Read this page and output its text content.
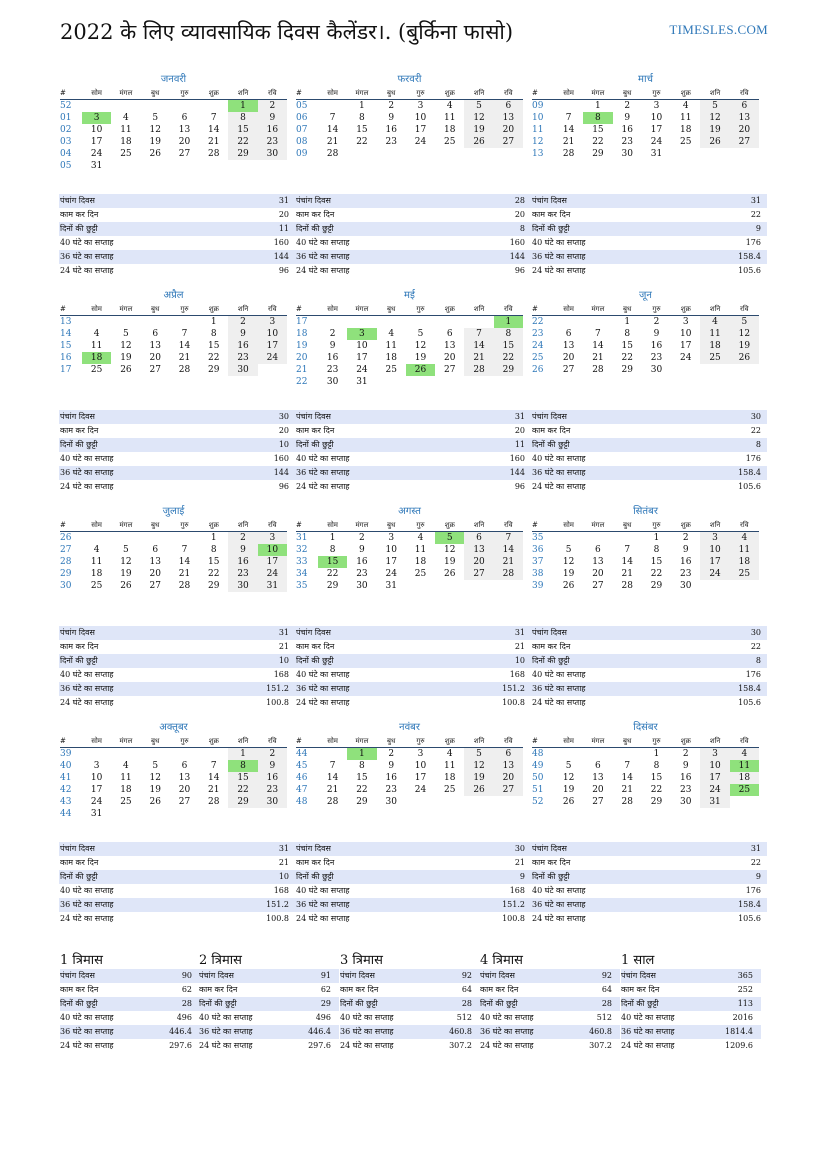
2022 के लिए व्यावसायिक दिवस कैलेंडर।. (बुर्किना फासो)	TIMESLES.COM
जनवरी
#	सोम	मंगल	बुध	गुरु	शुक्र	शनि	रवि
52						1	2
01	3	4	5	6	7	8	9
02	10	11	12	13	14	15	16
03	17	18	19	20	21	22	23
04	24	25	26	27	28	29	30
05	31						
पंचांग दिवस	31
काम कर दिन	20
दिनों की छुट्टी	11
40 घंटे का सप्ताह	160
36 घंटे का सप्ताह	144
24 घंटे का सप्ताह	96
फरवरी
#	सोम	मंगल	बुध	गुरु	शुक्र	शनि	रवि
05		1	2	3	4	5	6
06	7	8	9	10	11	12	13
07	14	15	16	17	18	19	20
08	21	22	23	24	25	26	27
09	28						
पंचांग दिवस	28
काम कर दिन	20
दिनों की छुट्टी	8
40 घंटे का सप्ताह	160
36 घंटे का सप्ताह	144
24 घंटे का सप्ताह	96
मार्च
#	सोम	मंगल	बुध	गुरु	शुक्र	शनि	रवि
09		1	2	3	4	5	6
10	7	8	9	10	11	12	13
11	14	15	16	17	18	19	20
12	21	22	23	24	25	26	27
13	28	29	30	31			
पंचांग दिवस	31
काम कर दिन	22
दिनों की छुट्टी	9
40 घंटे का सप्ताह	176
36 घंटे का सप्ताह	158.4
24 घंटे का सप्ताह	105.6
अप्रैल
#	सोम	मंगल	बुध	गुरु	शुक्र	शनि	रवि
13					1	2	3
14	4	5	6	7	8	9	10
15	11	12	13	14	15	16	17
16	18	19	20	21	22	23	24
17	25	26	27	28	29	30	
पंचांग दिवस	30
काम कर दिन	20
दिनों की छुट्टी	10
40 घंटे का सप्ताह	160
36 घंटे का सप्ताह	144
24 घंटे का सप्ताह	96
मई
#	सोम	मंगल	बुध	गुरु	शुक्र	शनि	रवि
17							1
18	2	3	4	5	6	7	8
19	9	10	11	12	13	14	15
20	16	17	18	19	20	21	22
21	23	24	25	26	27	28	29
22	30	31					
पंचांग दिवस	31
काम कर दिन	20
दिनों की छुट्टी	11
40 घंटे का सप्ताह	160
36 घंटे का सप्ताह	144
24 घंटे का सप्ताह	96
जून
#	सोम	मंगल	बुध	गुरु	शुक्र	शनि	रवि
22			1	2	3	4	5
23	6	7	8	9	10	11	12
24	13	14	15	16	17	18	19
25	20	21	22	23	24	25	26
26	27	28	29	30			
पंचांग दिवस	30
काम कर दिन	22
दिनों की छुट्टी	8
40 घंटे का सप्ताह	176
36 घंटे का सप्ताह	158.4
24 घंटे का सप्ताह	105.6
जुलाई
#	सोम	मंगल	बुध	गुरु	शुक्र	शनि	रवि
26					1	2	3
27	4	5	6	7	8	9	10
28	11	12	13	14	15	16	17
29	18	19	20	21	22	23	24
30	25	26	27	28	29	30	31
पंचांग दिवस	31
काम कर दिन	21
दिनों की छुट्टी	10
40 घंटे का सप्ताह	168
36 घंटे का सप्ताह	151.2
24 घंटे का सप्ताह	100.8
अगस्त
#	सोम	मंगल	बुध	गुरु	शुक्र	शनि	रवि
31	1	2	3	4	5	6	7
32	8	9	10	11	12	13	14
33	15	16	17	18	19	20	21
34	22	23	24	25	26	27	28
35	29	30	31				
पंचांग दिवस	31
काम कर दिन	21
दिनों की छुट्टी	10
40 घंटे का सप्ताह	168
36 घंटे का सप्ताह	151.2
24 घंटे का सप्ताह	100.8
सितंबर
#	सोम	मंगल	बुध	गुरु	शुक्र	शनि	रवि
35				1	2	3	4
36	5	6	7	8	9	10	11
37	12	13	14	15	16	17	18
38	19	20	21	22	23	24	25
39	26	27	28	29	30		
पंचांग दिवस	30
काम कर दिन	22
दिनों की छुट्टी	8
40 घंटे का सप्ताह	176
36 घंटे का सप्ताह	158.4
24 घंटे का सप्ताह	105.6
अक्तूबर
#	सोम	मंगल	बुध	गुरु	शुक्र	शनि	रवि
39						1	2
40	3	4	5	6	7	8	9
41	10	11	12	13	14	15	16
42	17	18	19	20	21	22	23
43	24	25	26	27	28	29	30
44	31						
पंचांग दिवस	31
काम कर दिन	21
दिनों की छुट्टी	10
40 घंटे का सप्ताह	168
36 घंटे का सप्ताह	151.2
24 घंटे का सप्ताह	100.8
नवंबर
#	सोम	मंगल	बुध	गुरु	शुक्र	शनि	रवि
44		1	2	3	4	5	6
45	7	8	9	10	11	12	13
46	14	15	16	17	18	19	20
47	21	22	23	24	25	26	27
48	28	29	30				
पंचांग दिवस	30
काम कर दिन	21
दिनों की छुट्टी	9
40 घंटे का सप्ताह	168
36 घंटे का सप्ताह	151.2
24 घंटे का सप्ताह	100.8
दिसंबर
#	सोम	मंगल	बुध	गुरु	शुक्र	शनि	रवि
48				1	2	3	4
49	5	6	7	8	9	10	11
50	12	13	14	15	16	17	18
51	19	20	21	22	23	24	25
52	26	27	28	29	30	31	
पंचांग दिवस	31
काम कर दिन	22
दिनों की छुट्टी	9
40 घंटे का सप्ताह	176
36 घंटे का सप्ताह	158.4
24 घंटे का सप्ताह	105.6
1 त्रिमास
पंचांग दिवस	90
काम कर दिन	62
दिनों की छुट्टी	28
40 घंटे का सप्ताह	496
36 घंटे का सप्ताह	446.4
24 घंटे का सप्ताह	297.6
2 त्रिमास
पंचांग दिवस	91
काम कर दिन	62
दिनों की छुट्टी	29
40 घंटे का सप्ताह	496
36 घंटे का सप्ताह	446.4
24 घंटे का सप्ताह	297.6
3 त्रिमास
पंचांग दिवस	92
काम कर दिन	64
दिनों की छुट्टी	28
40 घंटे का सप्ताह	512
36 घंटे का सप्ताह	460.8
24 घंटे का सप्ताह	307.2
4 त्रिमास
पंचांग दिवस	92
काम कर दिन	64
दिनों की छुट्टी	28
40 घंटे का सप्ताह	512
36 घंटे का सप्ताह	460.8
24 घंटे का सप्ताह	307.2
1 साल
पंचांग दिवस	365
काम कर दिन	252
दिनों की छुट्टी	113
40 घंटे का सप्ताह	2016
36 घंटे का सप्ताह	1814.4
24 घंटे का सप्ताह	1209.6
